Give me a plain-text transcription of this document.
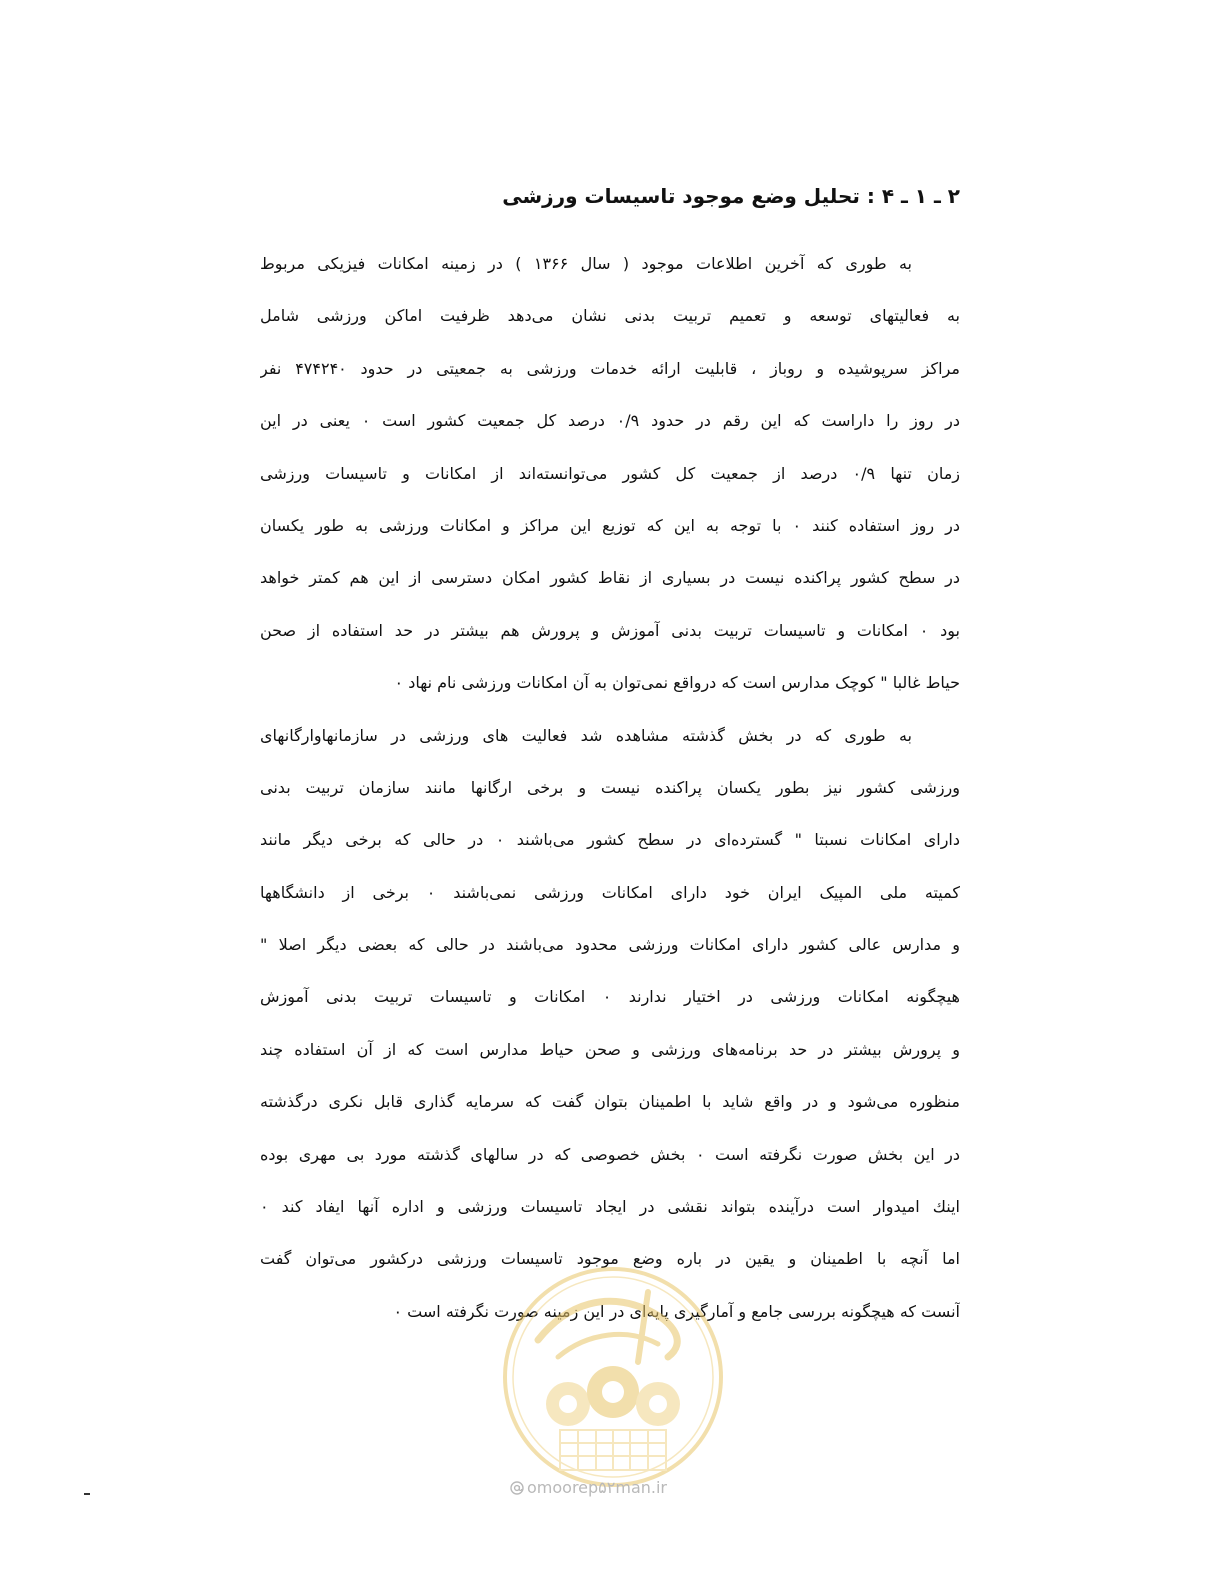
۲ ـ ۱ ـ ۴ : تحلیل وضع موجود تاسیسات ورزشی
به طوری که آخرین اطلاعات موجود ( سال ۱۳۶۶ ) در زمینه امکانات فیزیکی مربوط
به فعالیتهای توسعه و تعمیم تربیت بدنی نشان می‌دهد ظرفیت اماکن ورزشی شامل
مراکز سرپوشیده و روباز ، قابلیت ارائه خدمات ورزشی به جمعیتی در حدود ۴۷۴۲۴۰ نفر
در روز را داراست که این رقم در حدود ۰/۹ درصد کل جمعیت کشور است ۰ یعنی در این
زمان تنها ۰/۹ درصد از جمعیت کل کشور می‌توانسته‌اند از امکانات و تاسیسات ورزشی
در روز استفاده کنند ۰ با توجه به این که توزیع این مراکز و امکانات ورزشی به طور یکسان
در سطح کشور پراکنده نیست در بسیاری از نقاط کشور امکان دسترسی از این هم کمتر خواهد
بود ۰ امکانات و تاسیسات تربیت بدنی آموزش و پرورش هم بیشتر در حد استفاده از صحن
حیاط غالبا " کوچک مدارس است که درواقع نمی‌توان به آن امکانات ورزشی نام نهاد ۰
به طوری که در بخش گذشته مشاهده شد فعالیت های ورزشی در سازمانهاوارگانهای
ورزشی کشور نیز بطور یکسان پراکنده نیست و برخی ارگانها مانند سازمان تربیت بدنی
دارای امکانات نسبتا " گسترده‌ای در سطح کشور می‌باشند ۰ در حالی که برخی دیگر مانند
کمیته ملی المپیک ایران خود دارای امکانات ورزشی نمی‌باشند ۰ برخی از دانشگاهها
و مدارس عالی کشور دارای امکانات ورزشی محدود می‌باشند در حالی که بعضی دیگر اصلا "
هیچگونه امکانات ورزشی در اختیار ندارند ۰ امکانات و تاسیسات تربیت بدنی آموزش
و پرورش بیشتر در حد برنامه‌های ورزشی و صحن حیاط مدارس است که از آن استفاده چند
منظوره می‌شود و در واقع شاید با اطمینان بتوان گفت که سرمایه گذاری قابل نکری درگذشته
در این بخش صورت نگرفته است ۰ بخش خصوصی که در سالهای گذشته مورد بی مهری بوده
اینك امیدوار است درآینده بتواند نقشی در ایجاد تاسیسات ورزشی و اداره آنها ایفاد کند ۰
اما آنچه با اطمینان و یقین در باره وضع موجود تاسیسات ورزشی درکشور می‌توان گفت
آنست که هیچگونه بررسی جامع و آمارگیری پایه‌ای در این زمینه صورت نگرفته است ۰
omoorep۵۲man.ir
